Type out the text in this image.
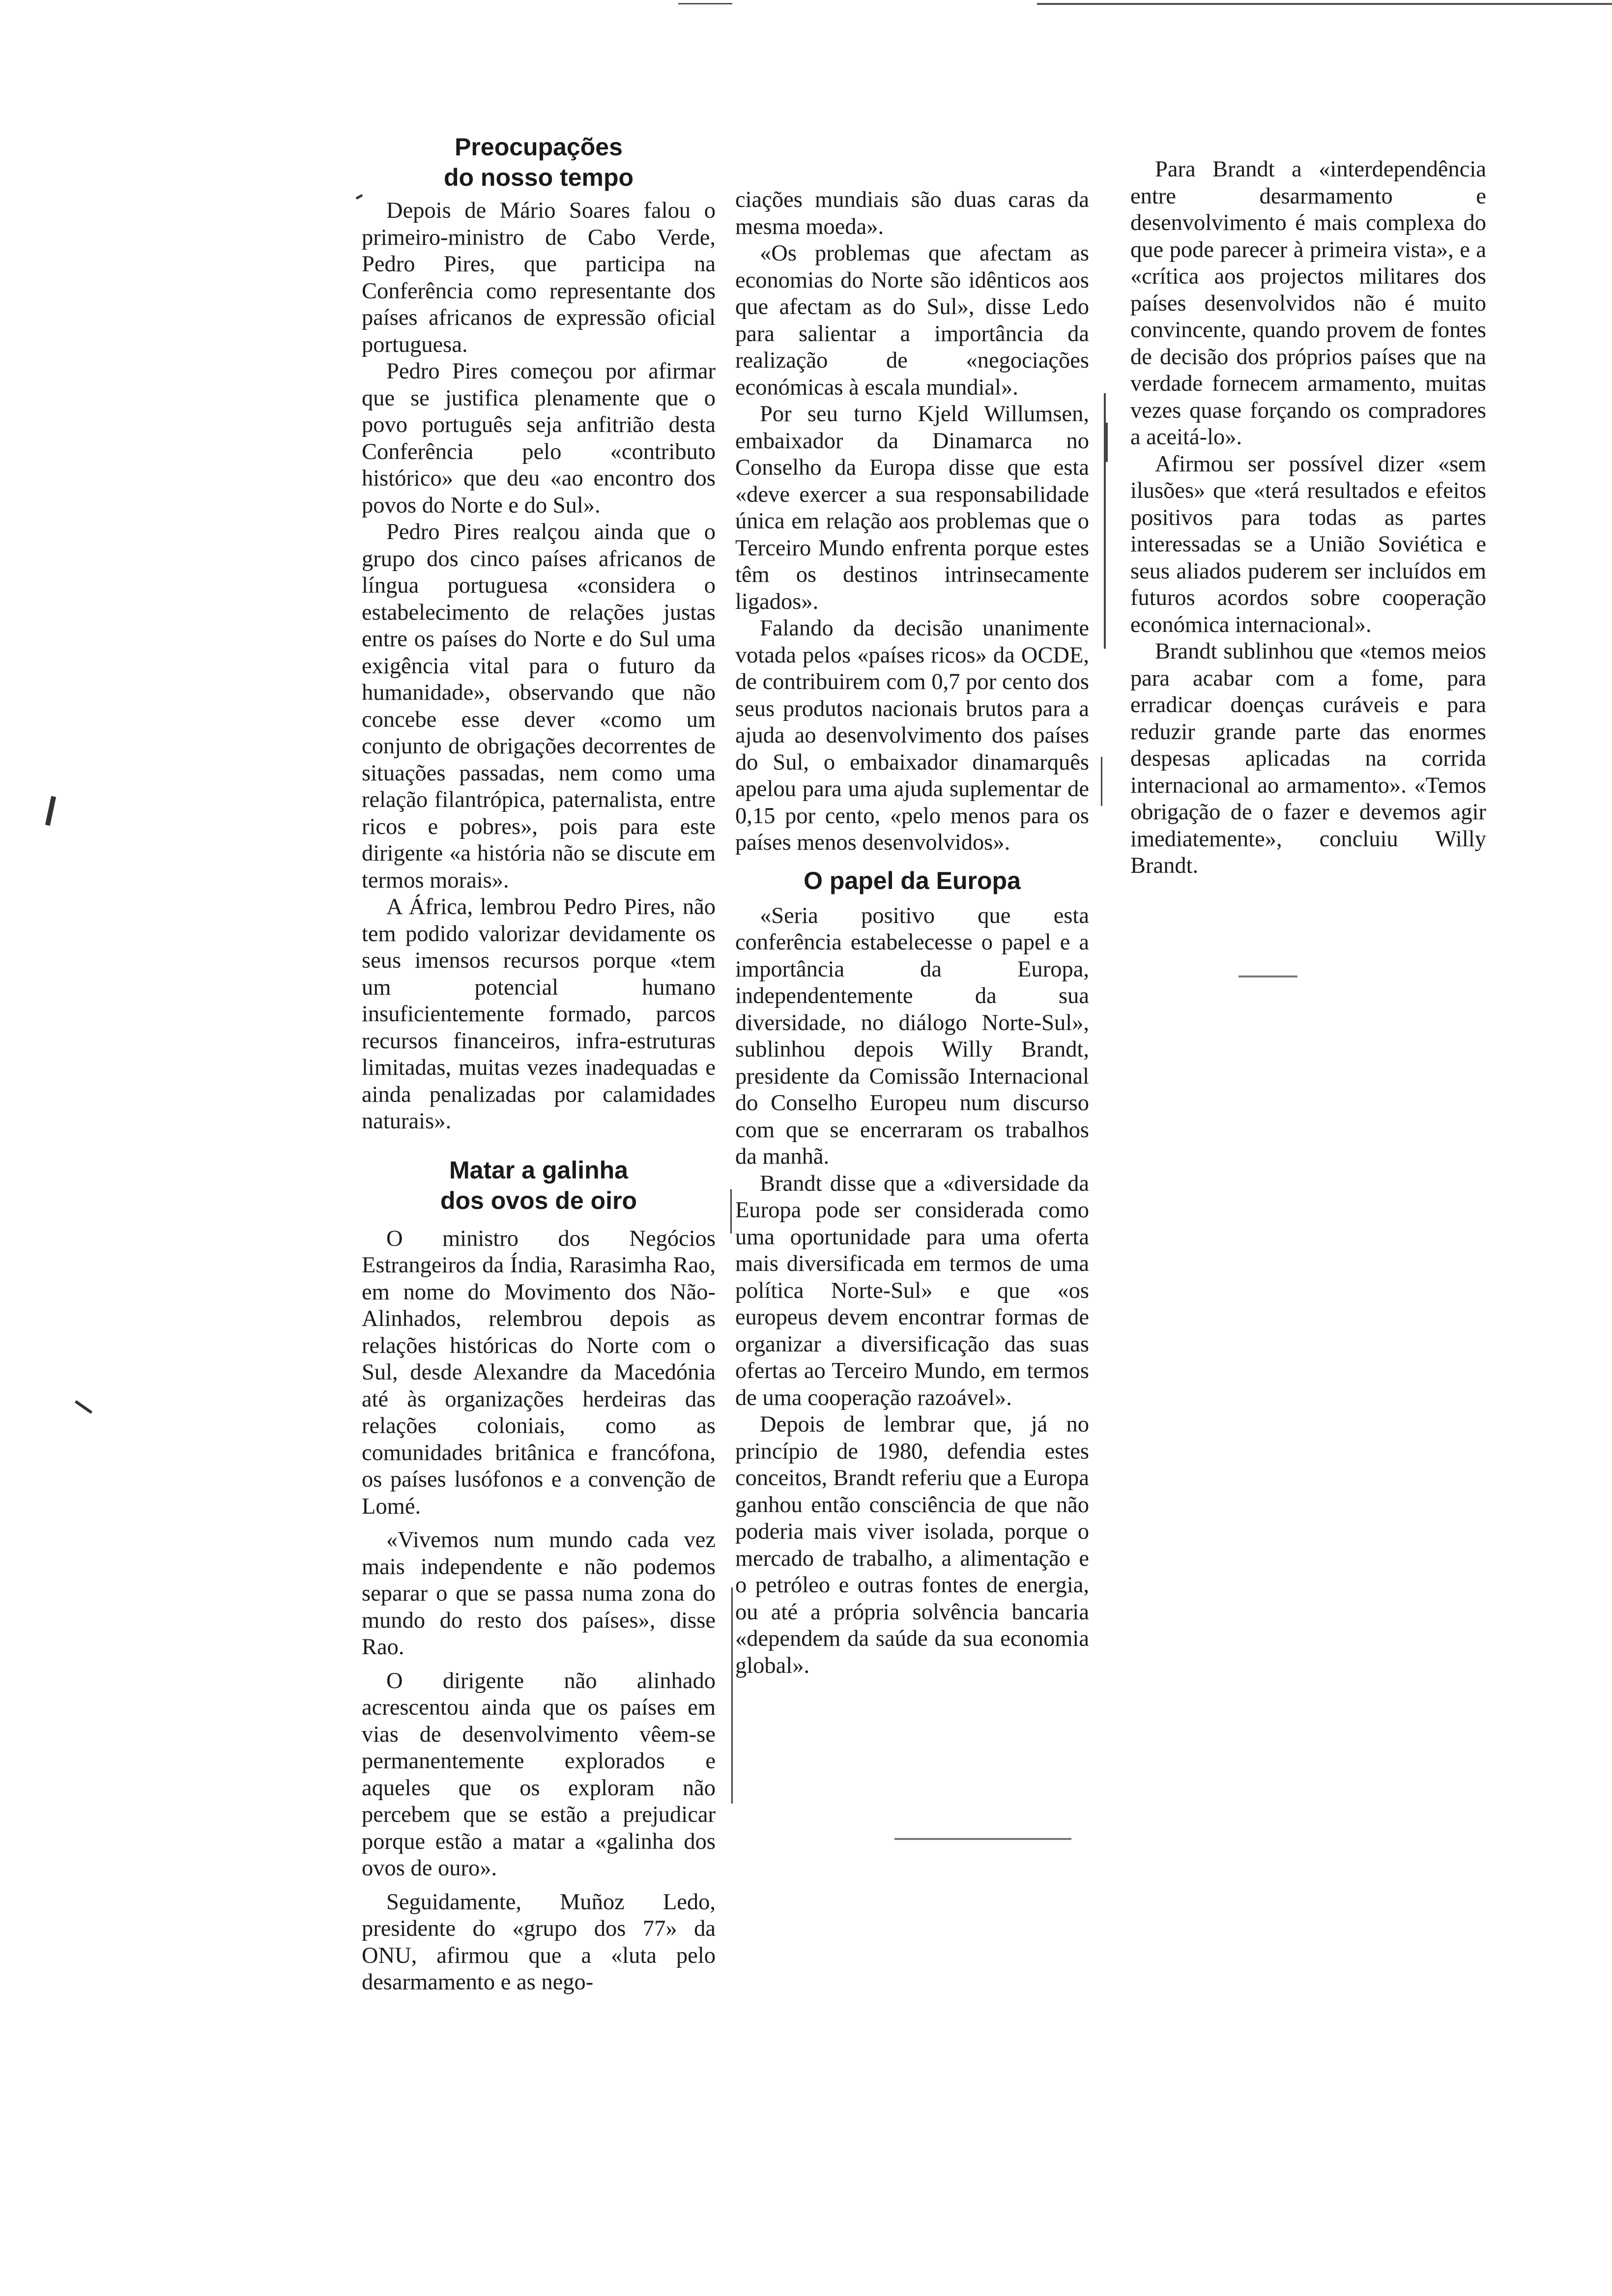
Preocupações
do nosso tempo

Depois de Mário Soares falou o primeiro-ministro de Cabo Verde, Pedro Pires, que participa na Conferência como representante dos países africanos de expressão oficial portuguesa.

Pedro Pires começou por afirmar que se justifica plenamente que o povo português seja anfitrião desta Conferência pelo «contributo histórico» que deu «ao encontro dos povos do Norte e do Sul».

Pedro Pires realçou ainda que o grupo dos cinco países africanos de língua portuguesa «considera o estabelecimento de relações justas entre os países do Norte e do Sul uma exigência vital para o futuro da humanidade», observando que não concebe esse dever «como um conjunto de obrigações decorrentes de situações passadas, nem como uma relação filantrópica, paternalista, entre ricos e pobres», pois para este dirigente «a história não se discute em termos morais».

A África, lembrou Pedro Pires, não tem podido valorizar devidamente os seus imensos recursos porque «tem um potencial humano insuficientemente formado, parcos recursos financeiros, infra-estruturas limitadas, muitas vezes inadequadas e ainda penalizadas por calamidades naturais».

Matar a galinha
dos ovos de oiro

O ministro dos Negócios Estrangeiros da Índia, Rarasimha Rao, em nome do Movimento dos Não-Alinhados, relembrou depois as relações históricas do Norte com o Sul, desde Alexandre da Macedónia até às organizações herdeiras das relações coloniais, como as comunidades britânica e francófona, os países lusófonos e a convenção de Lomé.

«Vivemos num mundo cada vez mais independente e não podemos separar o que se passa numa zona do mundo do resto dos países», disse Rao.

O dirigente não alinhado acrescentou ainda que os países em vias de desenvolvimento vêem-se permanentemente explorados e aqueles que os exploram não percebem que se estão a prejudicar porque estão a matar a «galinha dos ovos de ouro».

Seguidamente, Muñoz Ledo, presidente do «grupo dos 77» da ONU, afirmou que a «luta pelo desarmamento e as nego-

ciações mundiais são duas caras da mesma moeda».

«Os problemas que afectam as economias do Norte são idênticos aos que afectam as do Sul», disse Ledo para salientar a importância da realização de «negociações económicas à escala mundial».

Por seu turno Kjeld Willumsen, embaixador da Dinamarca no Conselho da Europa disse que esta «deve exercer a sua responsabilidade única em relação aos problemas que o Terceiro Mundo enfrenta porque estes têm os destinos intrinsecamente ligados».

Falando da decisão unanimente votada pelos «países ricos» da OCDE, de contribuirem com 0,7 por cento dos seus produtos nacionais brutos para a ajuda ao desenvolvimento dos países do Sul, o embaixador dinamarquês apelou para uma ajuda suplementar de 0,15 por cento, «pelo menos para os países menos desenvolvidos».

O papel da Europa

«Seria positivo que esta conferência estabelecesse o papel e a importância da Europa, independentemente da sua diversidade, no diálogo Norte-Sul», sublinhou depois Willy Brandt, presidente da Comissão Internacional do Conselho Europeu num discurso com que se encerraram os trabalhos da manhã.

Brandt disse que a «diversidade da Europa pode ser considerada como uma oportunidade para uma oferta mais diversificada em termos de uma política Norte-Sul» e que «os europeus devem encontrar formas de organizar a diversificação das suas ofertas ao Terceiro Mundo, em termos de uma cooperação razoável».

Depois de lembrar que, já no princípio de 1980, defendia estes conceitos, Brandt referiu que a Europa ganhou então consciência de que não poderia mais viver isolada, porque o mercado de trabalho, a alimentação e o petróleo e outras fontes de energia, ou até a própria solvência bancaria «dependem da saúde da sua economia global».

Para Brandt a «interdependência entre desarmamento e desenvolvimento é mais complexa do que pode parecer à primeira vista», e a «crítica aos projectos militares dos países desenvolvidos não é muito convincente, quando provem de fontes de decisão dos próprios países que na verdade fornecem armamento, muitas vezes quase forçando os compradores a aceitá-lo».

Afirmou ser possível dizer «sem ilusões» que «terá resultados e efeitos positivos para todas as partes interessadas se a União Soviética e seus aliados puderem ser incluídos em futuros acordos sobre cooperação económica internacional».

Brandt sublinhou que «temos meios para acabar com a fome, para erradicar doenças curáveis e para reduzir grande parte das enormes despesas aplicadas na corrida internacional ao armamento». «Temos obrigação de o fazer e devemos agir imediatemente», concluiu Willy Brandt.
